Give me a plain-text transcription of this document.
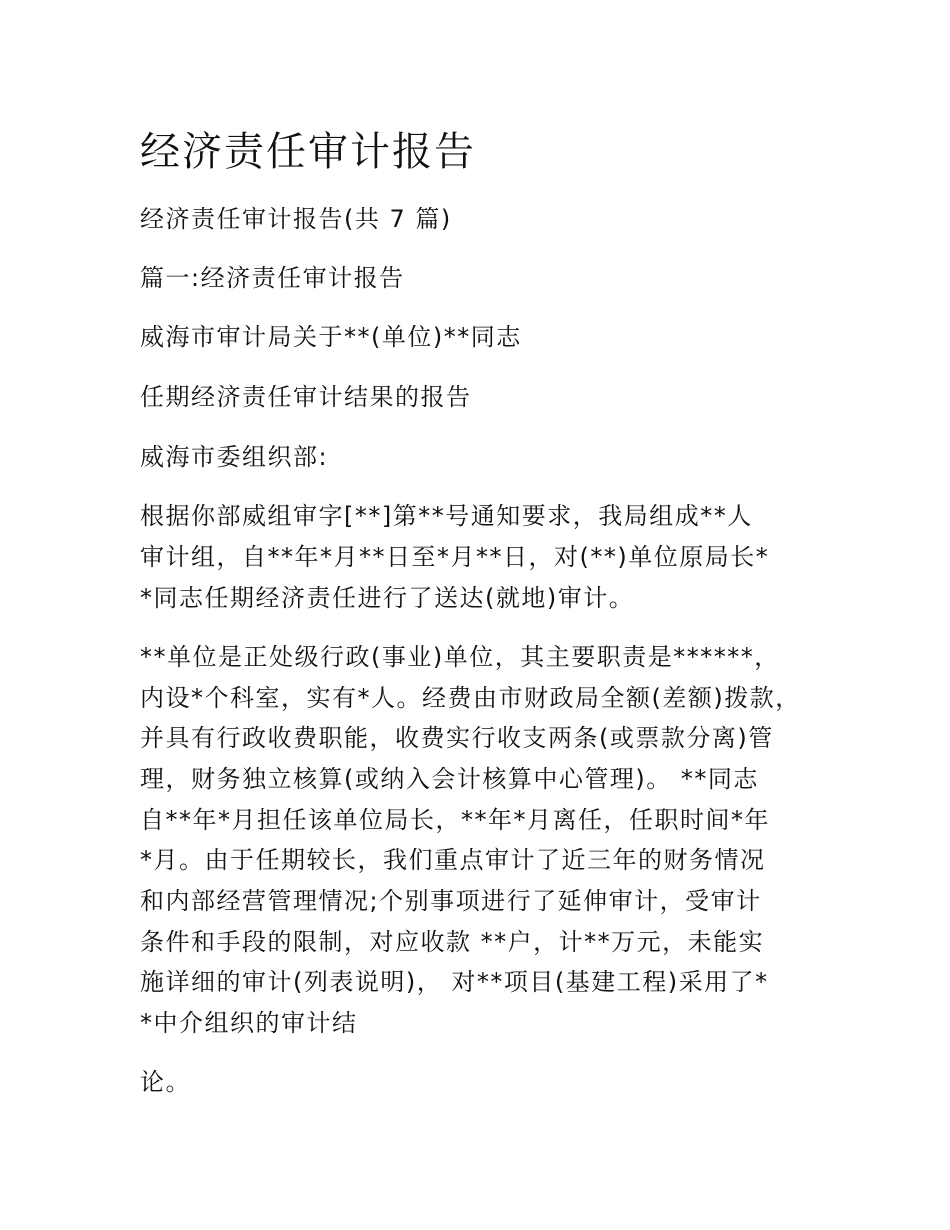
经济责任审计报告
经济责任审计报告(共 7 篇)
篇一:经济责任审计报告
威海市审计局关于**(单位)**同志
任期经济责任审计结果的报告
威海市委组织部:
根据你部威组审字[**]第**号通知要求，我局组成**人
审计组，自**年*月**日至*月**日，对(**)单位原局长*
*同志任期经济责任进行了送达(就地)审计。
**单位是正处级行政(事业)单位，其主要职责是******，
内设*个科室，实有*人。经费由市财政局全额(差额)拨款，
并具有行政收费职能，收费实行收支两条(或票款分离)管
理，财务独立核算(或纳入会计核算中心管理)。 **同志
自**年*月担任该单位局长，**年*月离任，任职时间*年
*月。由于任期较长，我们重点审计了近三年的财务情况
和内部经营管理情况;个别事项进行了延伸审计，受审计
条件和手段的限制，对应收款 **户，计**万元，未能实
施详细的审计(列表说明)， 对**项目(基建工程)采用了*
*中介组织的审计结
论。
